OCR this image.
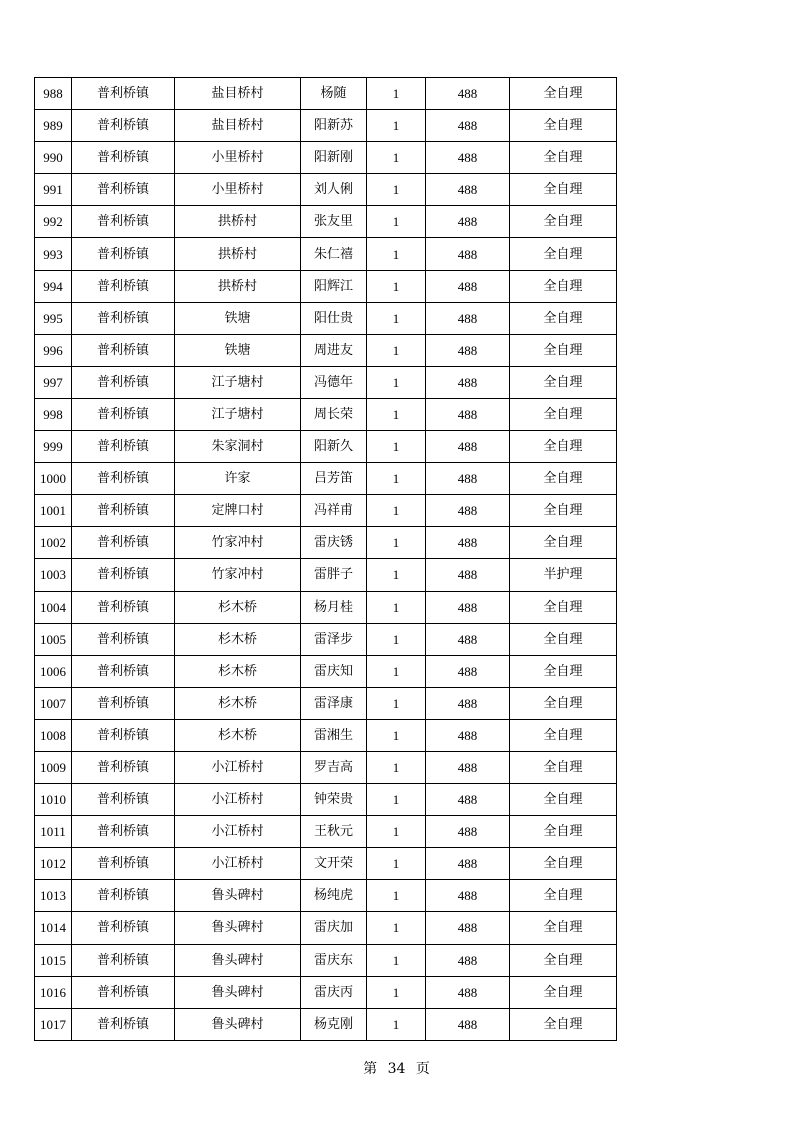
988	普利桥镇	盐目桥村	杨随	1	488	全自理
989	普利桥镇	盐目桥村	阳新苏	1	488	全自理
990	普利桥镇	小里桥村	阳新刚	1	488	全自理
991	普利桥镇	小里桥村	刘人俐	1	488	全自理
992	普利桥镇	拱桥村	张友里	1	488	全自理
993	普利桥镇	拱桥村	朱仁禧	1	488	全自理
994	普利桥镇	拱桥村	阳辉江	1	488	全自理
995	普利桥镇	铁塘	阳仕贵	1	488	全自理
996	普利桥镇	铁塘	周进友	1	488	全自理
997	普利桥镇	江子塘村	冯德年	1	488	全自理
998	普利桥镇	江子塘村	周长荣	1	488	全自理
999	普利桥镇	朱家洞村	阳新久	1	488	全自理
1000	普利桥镇	许家	吕芳笛	1	488	全自理
1001	普利桥镇	定牌口村	冯祥甫	1	488	全自理
1002	普利桥镇	竹家冲村	雷庆锈	1	488	全自理
1003	普利桥镇	竹家冲村	雷胖子	1	488	半护理
1004	普利桥镇	杉木桥	杨月桂	1	488	全自理
1005	普利桥镇	杉木桥	雷泽步	1	488	全自理
1006	普利桥镇	杉木桥	雷庆知	1	488	全自理
1007	普利桥镇	杉木桥	雷泽康	1	488	全自理
1008	普利桥镇	杉木桥	雷湘生	1	488	全自理
1009	普利桥镇	小江桥村	罗吉高	1	488	全自理
1010	普利桥镇	小江桥村	钟荣贵	1	488	全自理
1011	普利桥镇	小江桥村	王秋元	1	488	全自理
1012	普利桥镇	小江桥村	文开荣	1	488	全自理
1013	普利桥镇	鲁头碑村	杨纯虎	1	488	全自理
1014	普利桥镇	鲁头碑村	雷庆加	1	488	全自理
1015	普利桥镇	鲁头碑村	雷庆东	1	488	全自理
1016	普利桥镇	鲁头碑村	雷庆丙	1	488	全自理
1017	普利桥镇	鲁头碑村	杨克刚	1	488	全自理
第 34 页
